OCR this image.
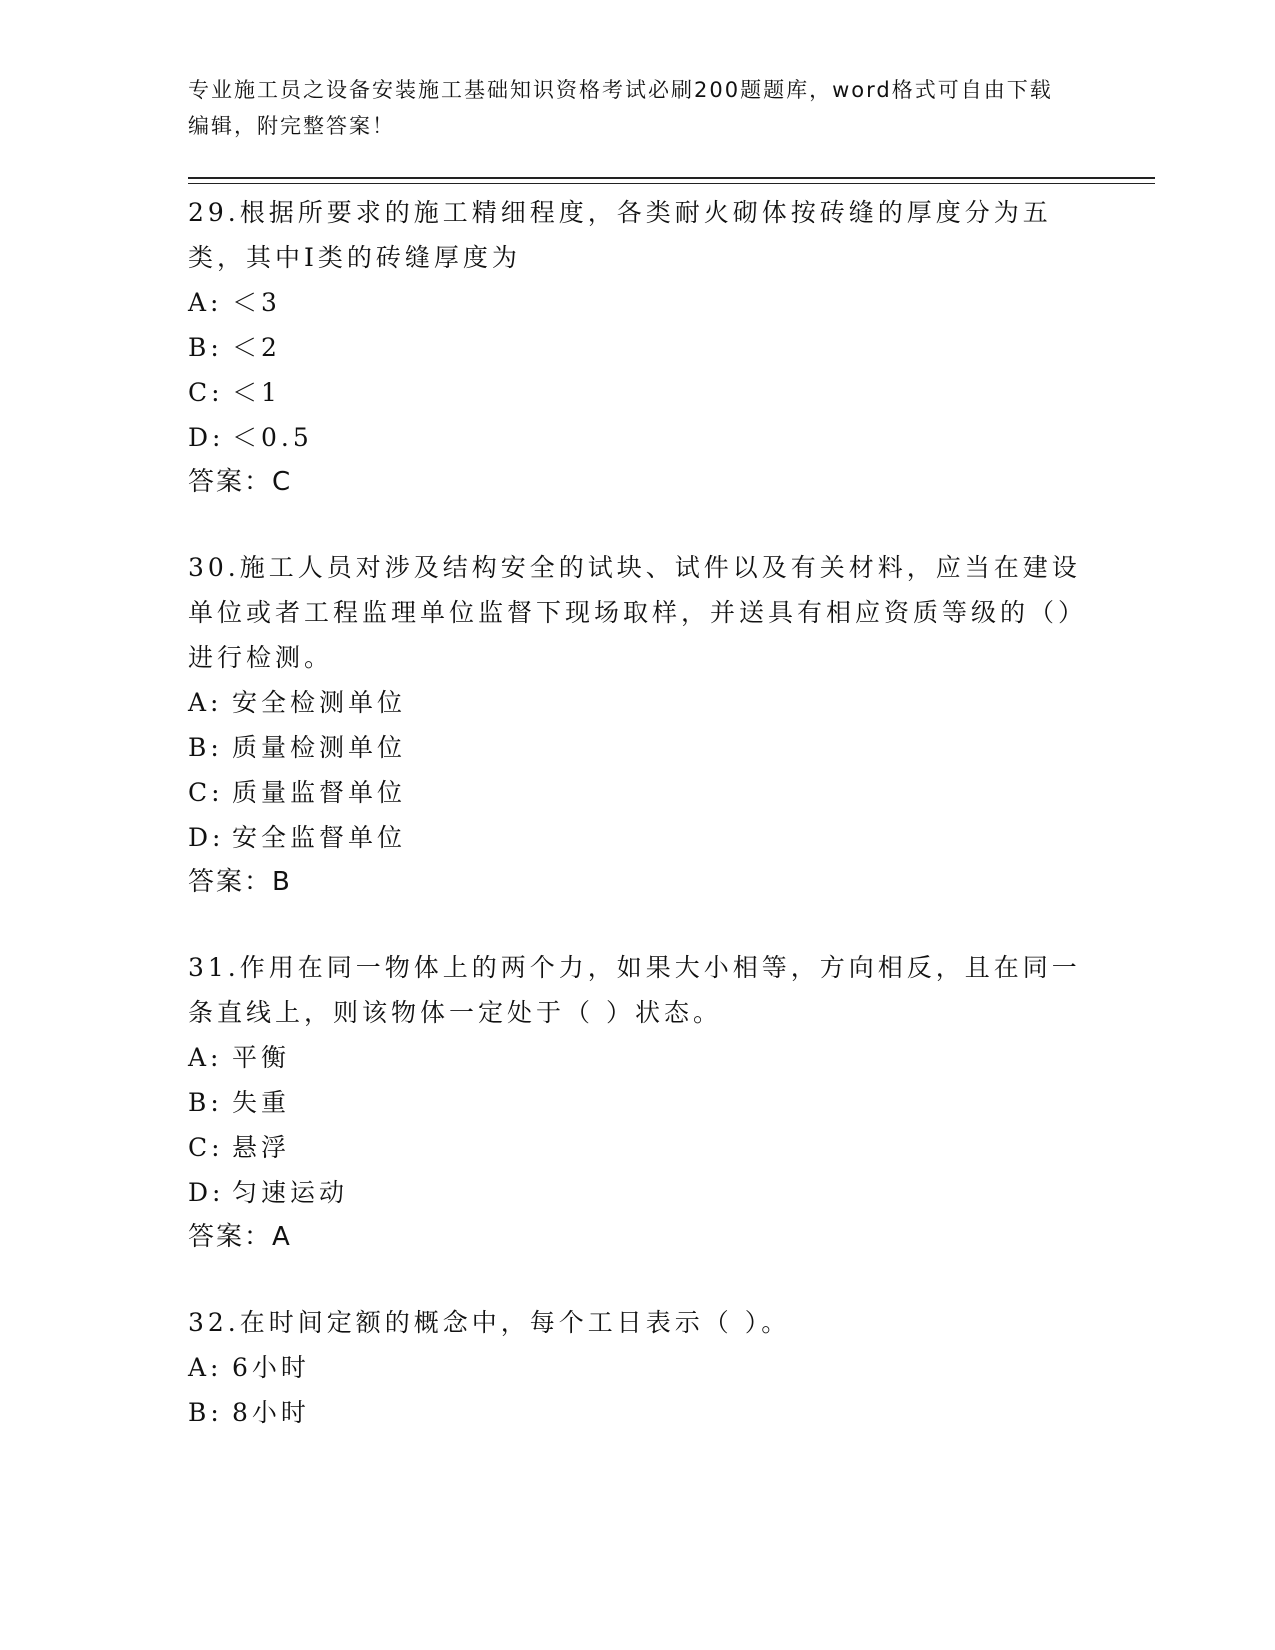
专业施工员之设备安装施工基础知识资格考试必刷200题题库，word格式可自由下载编辑，附完整答案！

29.根据所要求的施工精细程度，各类耐火砌体按砖缝的厚度分为五类，其中Ⅰ类的砖缝厚度为

A: ＜3

B: ＜2

C: ＜1

D: ＜0.5

答案：C

30.施工人员对涉及结构安全的试块、试件以及有关材料，应当在建设单位或者工程监理单位监督下现场取样，并送具有相应资质等级的（）进行检测。

A: 安全检测单位

B: 质量检测单位

C: 质量监督单位

D: 安全监督单位

答案：B

31.作用在同一物体上的两个力，如果大小相等，方向相反，且在同一条直线上，则该物体一定处于（ ）状态。

A: 平衡

B: 失重

C: 悬浮

D: 匀速运动

答案：A

32.在时间定额的概念中，每个工日表示（ ）。

A: 6小时

B: 8小时
